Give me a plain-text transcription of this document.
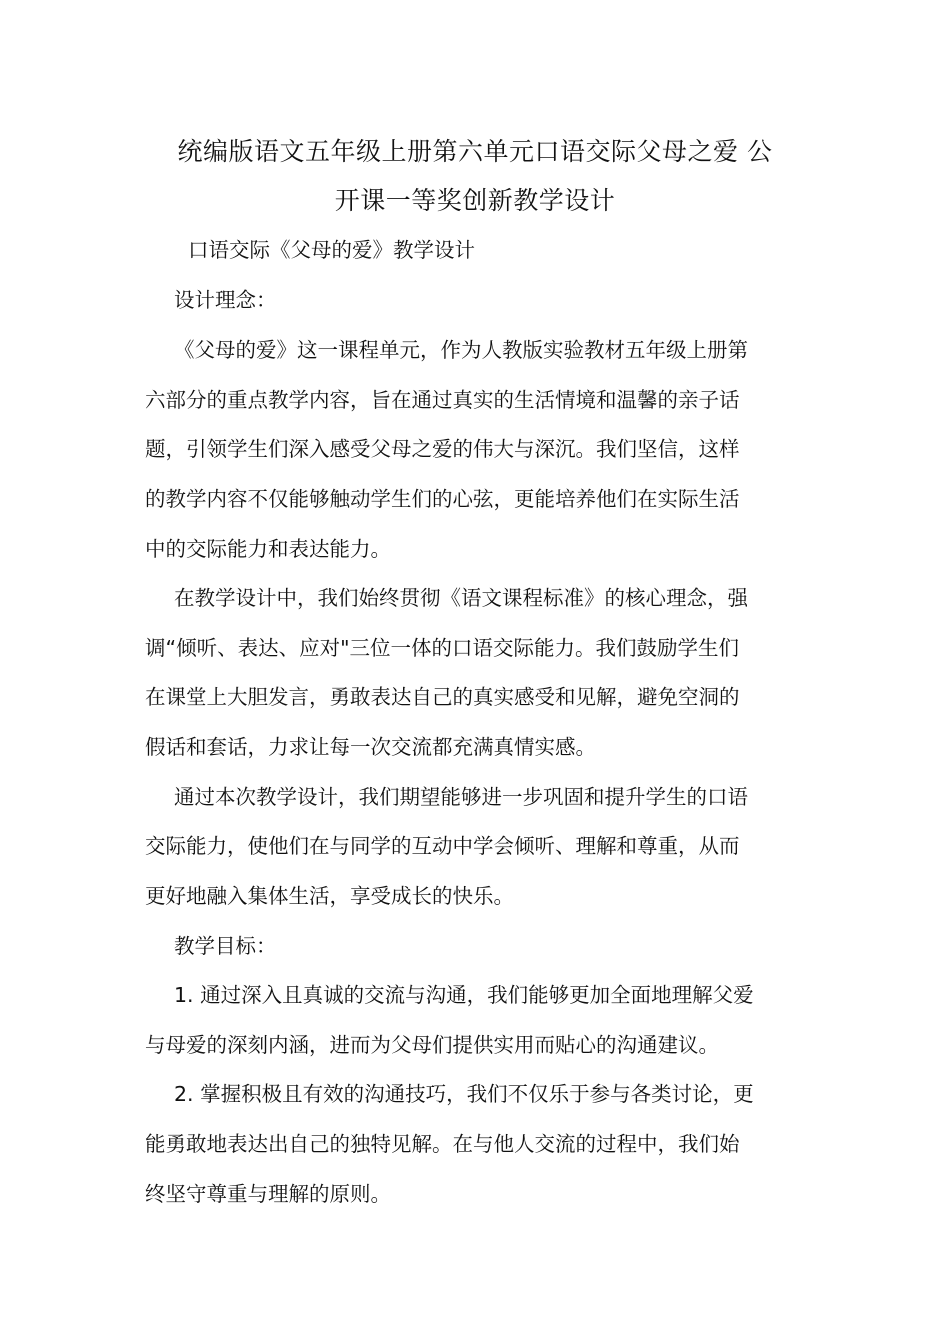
统编版语文五年级上册第六单元口语交际父母之爱 公
开课一等奖创新教学设计
口语交际《父母的爱》教学设计
设计理念：
《父母的爱》这一课程单元，作为人教版实验教材五年级上册第
六部分的重点教学内容，旨在通过真实的生活情境和温馨的亲子话
题，引领学生们深入感受父母之爱的伟大与深沉。我们坚信，这样
的教学内容不仅能够触动学生们的心弦，更能培养他们在实际生活
中的交际能力和表达能力。
在教学设计中，我们始终贯彻《语文课程标准》的核心理念，强
调“倾听、表达、应对"三位一体的口语交际能力。我们鼓励学生们
在课堂上大胆发言，勇敢表达自己的真实感受和见解，避免空洞的
假话和套话，力求让每一次交流都充满真情实感。
通过本次教学设计，我们期望能够进一步巩固和提升学生的口语
交际能力，使他们在与同学的互动中学会倾听、理解和尊重，从而
更好地融入集体生活，享受成长的快乐。
教学目标：
1. 通过深入且真诚的交流与沟通，我们能够更加全面地理解父爱
与母爱的深刻内涵，进而为父母们提供实用而贴心的沟通建议。
2. 掌握积极且有效的沟通技巧，我们不仅乐于参与各类讨论，更
能勇敢地表达出自己的独特见解。在与他人交流的过程中，我们始
终坚守尊重与理解的原则。
